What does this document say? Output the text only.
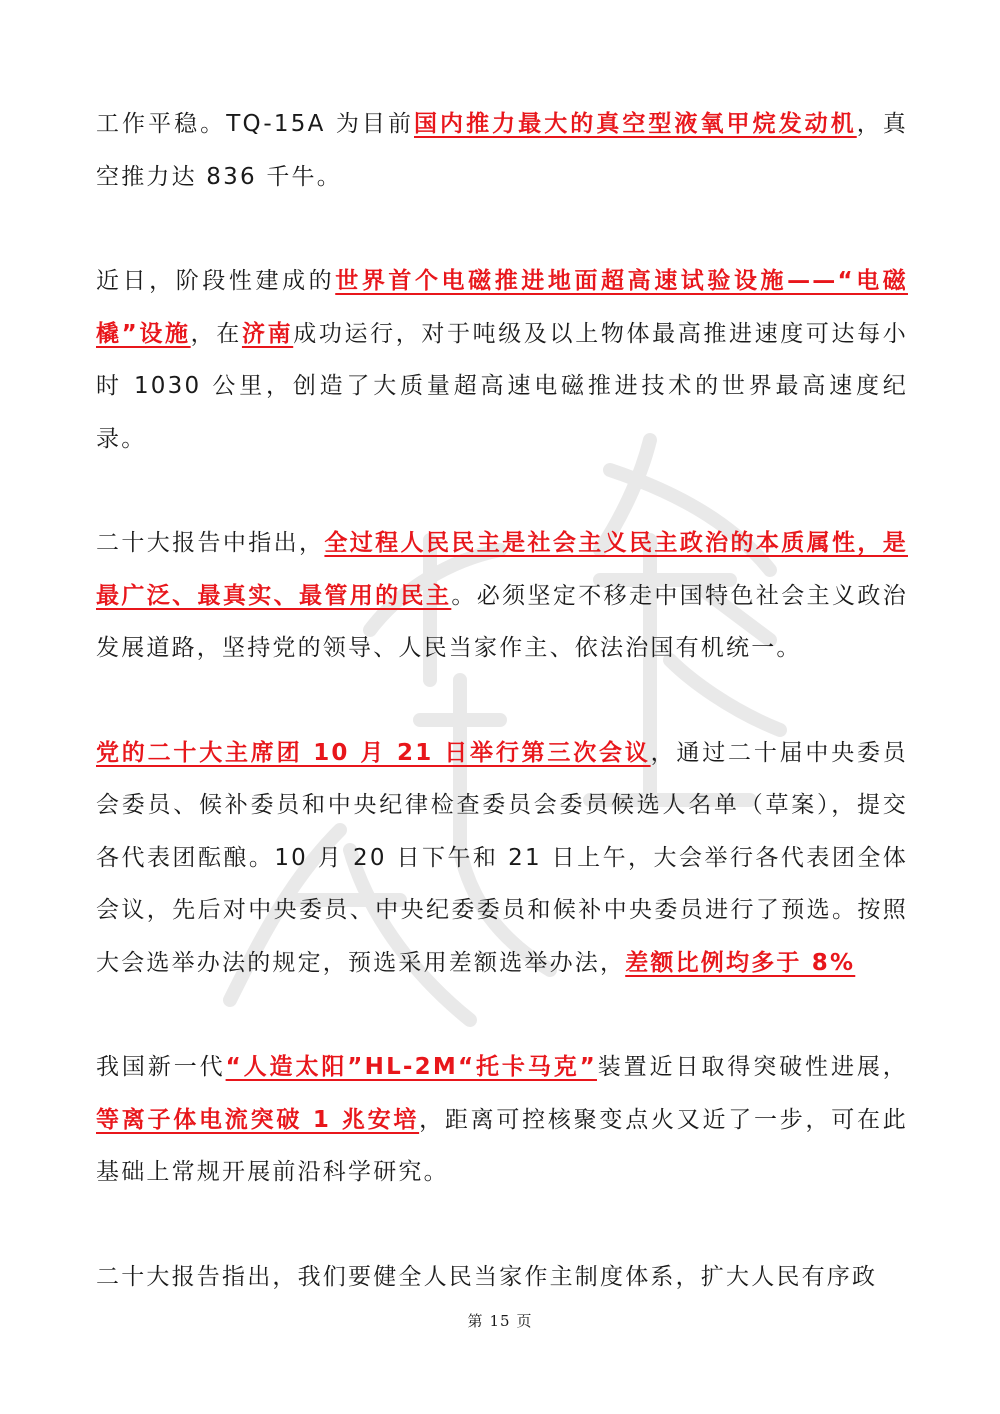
工作平稳。TQ-15A 为目前国内推力最大的真空型液氧甲烷发动机，真空推力达 836 千牛。

近日，阶段性建成的世界首个电磁推进地面超高速试验设施——“电磁橇”设施，在济南成功运行，对于吨级及以上物体最高推进速度可达每小时 1030 公里，创造了大质量超高速电磁推进技术的世界最高速度纪录。

二十大报告中指出，全过程人民民主是社会主义民主政治的本质属性，是最广泛、最真实、最管用的民主。必须坚定不移走中国特色社会主义政治发展道路，坚持党的领导、人民当家作主、依法治国有机统一。

党的二十大主席团 10 月 21 日举行第三次会议，通过二十届中央委员会委员、候补委员和中央纪律检查委员会委员候选人名单（草案），提交各代表团酝酿。10 月 20 日下午和 21 日上午，大会举行各代表团全体会议，先后对中央委员、中央纪委委员和候补中央委员进行了预选。按照大会选举办法的规定，预选采用差额选举办法，差额比例均多于 8%

我国新一代“人造太阳”HL-2M“托卡马克”装置近日取得突破性进展，等离子体电流突破 1 兆安培，距离可控核聚变点火又近了一步，可在此基础上常规开展前沿科学研究。

二十大报告指出，我们要健全人民当家作主制度体系，扩大人民有序政

第 15 页
